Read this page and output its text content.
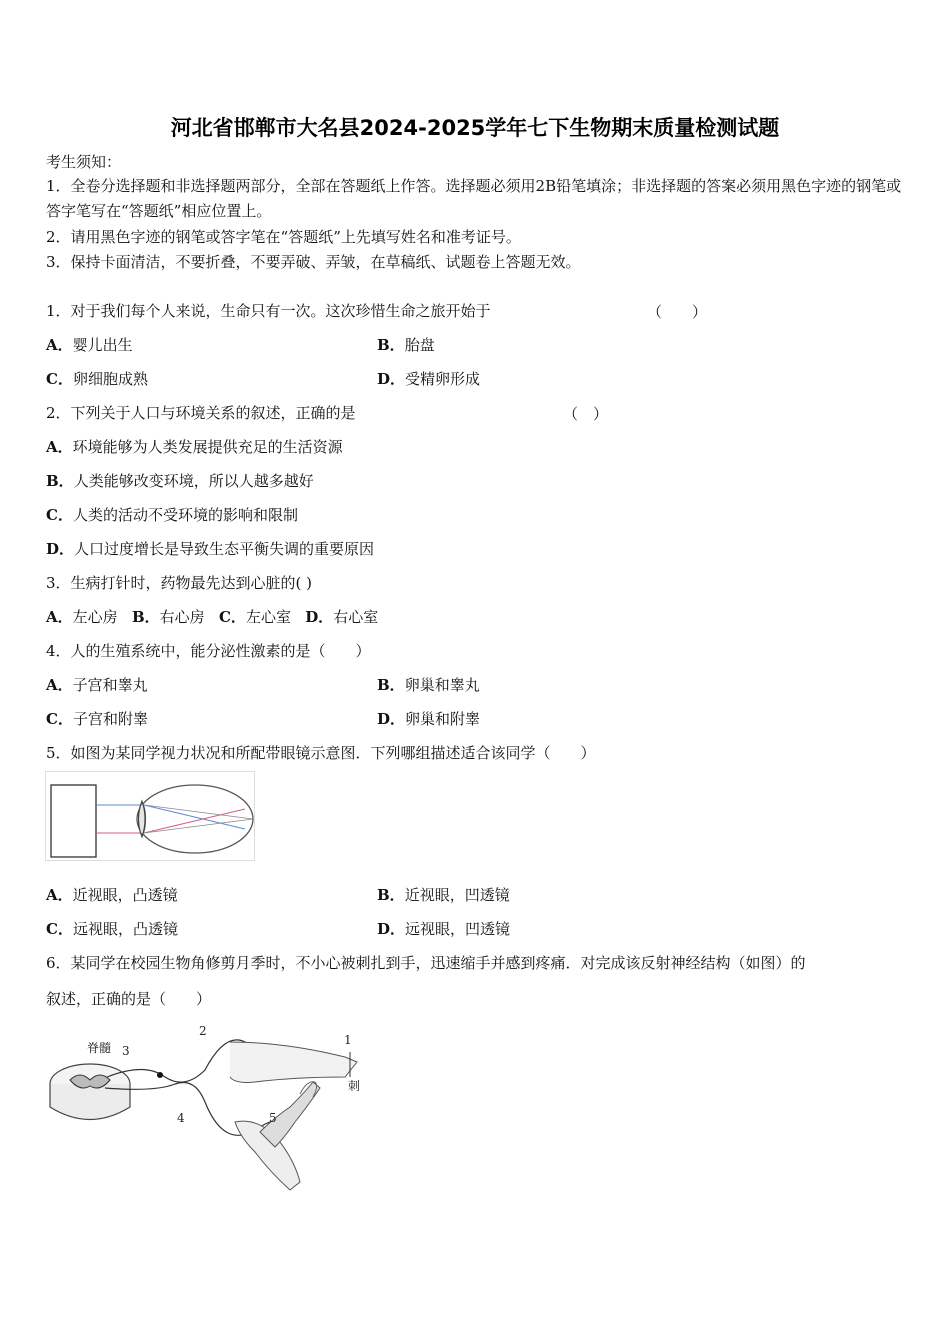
河北省邯郸市大名县2024-2025学年七下生物期末质量检测试题
考生须知：
1．全卷分选择题和非选择题两部分，全部在答题纸上作答。选择题必须用2B铅笔填涂；非选择题的答案必须用黑色字迹的钢笔或答字笔写在“答题纸”相应位置上。
2．请用黑色字迹的钢笔或答字笔在“答题纸”上先填写姓名和准考证号。
3．保持卡面清洁，不要折叠，不要弄破、弄皱，在草稿纸、试题卷上答题无效。
1．对于我们每个人来说，生命只有一次。这次珍惜生命之旅开始于	（　　）
A．婴儿出生	B．胎盘
C．卵细胞成熟	D．受精卵形成
2．下列关于人口与环境关系的叙述，正确的是	（　）
A．环境能够为人类发展提供充足的生活资源
B．人类能够改变环境，所以人越多越好
C．人类的活动不受环境的影响和限制
D．人口过度增长是导致生态平衡失调的重要原因
3．生病打针时，药物最先达到心脏的( )
A．左心房 B．右心房 C．左心室 D．右心室
4．人的生殖系统中，能分泌性激素的是（　　）
A．子宫和睾丸	B．卵巢和睾丸
C．子宫和附睾	D．卵巢和附睾
5．如图为某同学视力状况和所配带眼镜示意图．下列哪组描述适合该同学（　　）
A．近视眼，凸透镜	B．近视眼，凹透镜
C．远视眼，凸透镜	D．远视眼，凹透镜
6．某同学在校园生物角修剪月季时，不小心被刺扎到手，迅速缩手并感到疼痛．对完成该反射神经结构（如图）的
叙述，正确的是（　　）
脊髓 3
2
1
刺
4	5
